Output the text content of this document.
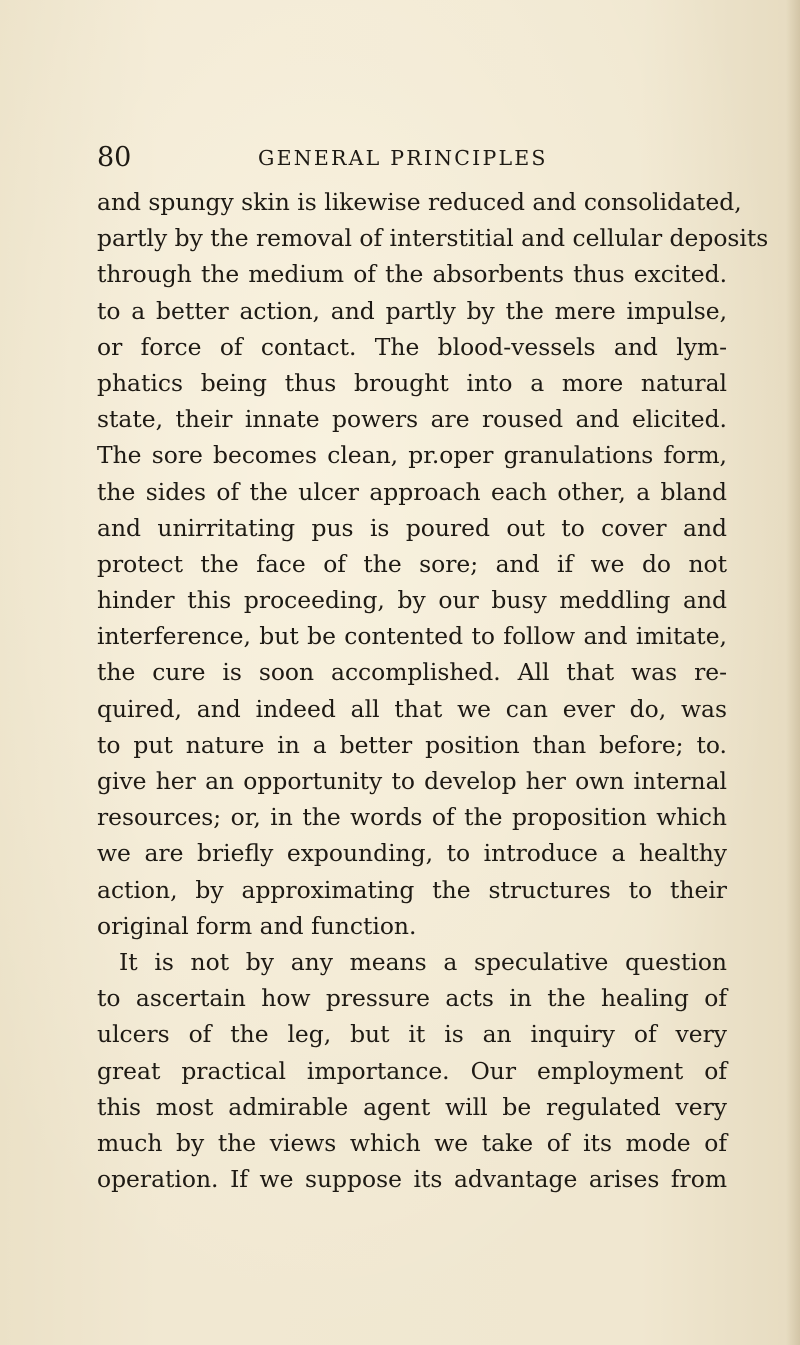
80	GENERAL PRINCIPLES
and spungy skin is likewise reduced and consolidated,
partly by the removal of interstitial and cellular deposits
through the medium of the absorbents thus excited.
to a better action, and partly by the mere impulse,
or force of contact. The blood-vessels and lym-
phatics being thus brought into a more natural
state, their innate powers are roused and elicited.
The sore becomes clean, pr.oper granulations form,
the sides of the ulcer approach each other, a bland
and unirritating pus is poured out to cover and
protect the face of the sore; and if we do not
hinder this proceeding, by our busy meddling and
interference, but be contented to follow and imitate,
the cure is soon accomplished. All that was re-
quired, and indeed all that we can ever do, was
to put nature in a better position than before; to.
give her an opportunity to develop her own internal
resources; or, in the words of the proposition which
we are briefly expounding, to introduce a healthy
action, by approximating the structures to their
original form and function.
It is not by any means a speculative question
to ascertain how pressure acts in the healing of
ulcers of the leg, but it is an inquiry of very
great practical importance. Our employment of
this most admirable agent will be regulated very
much by the views which we take of its mode of
operation. If we suppose its advantage arises from
